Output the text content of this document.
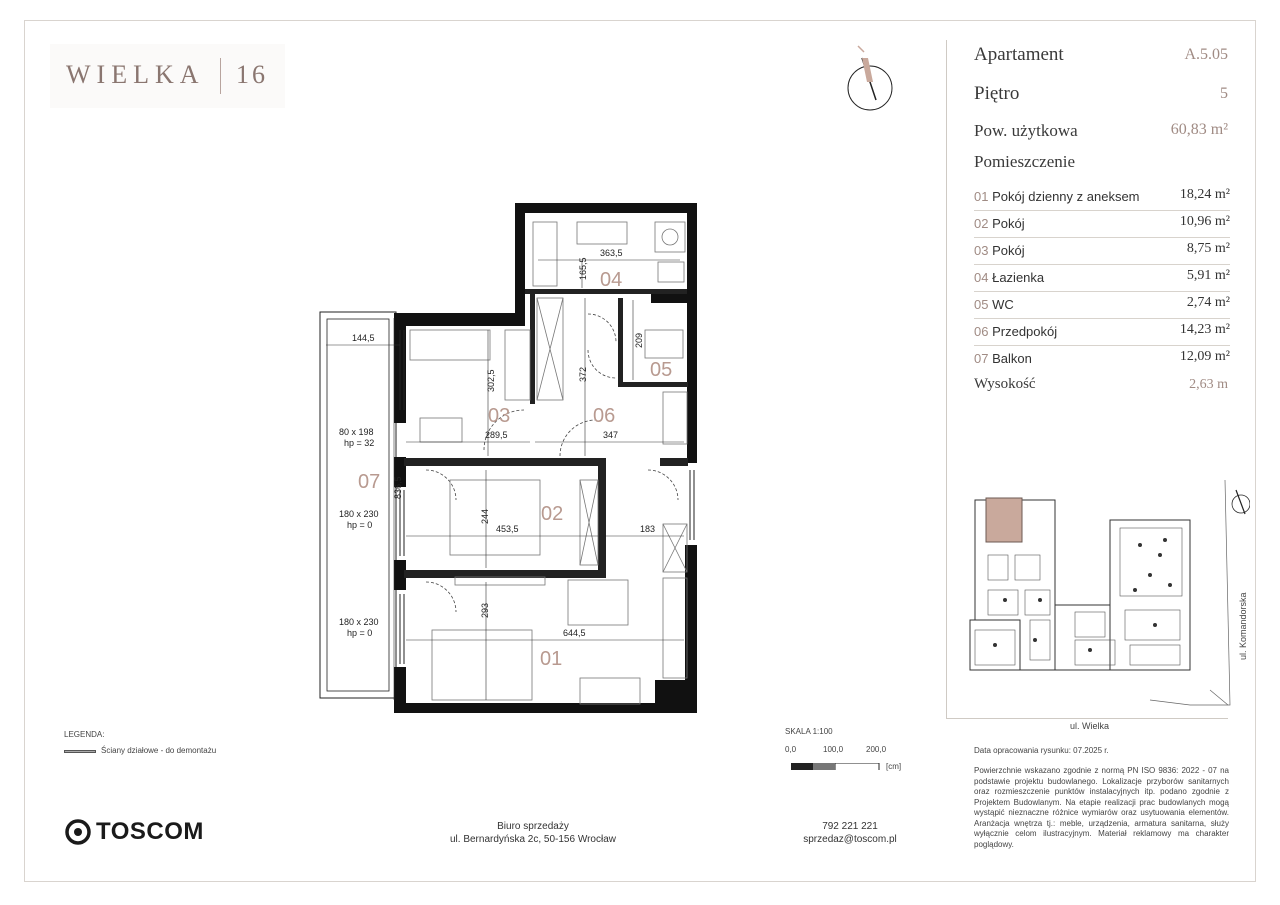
WIELKA 16
Apartament	A.5.05
Piętro	5
Pow. użytkowa	60,83 m²
Pomieszczenie
01 Pokój dzienny z aneksem	18,24 m²
02 Pokój	10,96 m²
03 Pokój	8,75 m²
04 Łazienka	5,91 m²
05 WC	2,74 m²
06 Przedpokój	14,23 m²
07 Balkon	12,09 m²
Wysokość	2,63 m
01
02
03
04
05
06
07
363,5
165,5
209
144,5
302,5	372
289,5	347
80 x 198
hp = 32
836,5
180 x 230
hp = 0
244
453,5	183
293
644,5
180 x 230
hp = 0
ul. Wielka
ul. Komandorska
Data opracowania rysunku: 07.2025 r.
Powierzchnie wskazano zgodnie z normą PN ISO 9836: 2022 - 07 na podstawie projektu budowlanego. Lokalizacje przyborów sanitarnych oraz rozmieszczenie punktów instalacyjnych itp. podano zgodnie z Projektem Budowlanym. Na etapie realizacji prac budowlanych mogą wystąpić nieznaczne różnice wymiarów oraz usytuowania elementów. Aranżacja wnętrza tj.: meble, urządzenia, armatura sanitarna, służy wyłącznie celom ilustracyjnym. Materiał reklamowy ma charakter poglądowy.
LEGENDA:
Ściany działowe - do demontażu
SKALA 1:100
0,0	100,0	200,0
[cm]
TOSCOM	Biuro sprzedaży
ul. Bernardyńska 2c, 50-156 Wrocław
792 221 221
sprzedaz@toscom.pl
